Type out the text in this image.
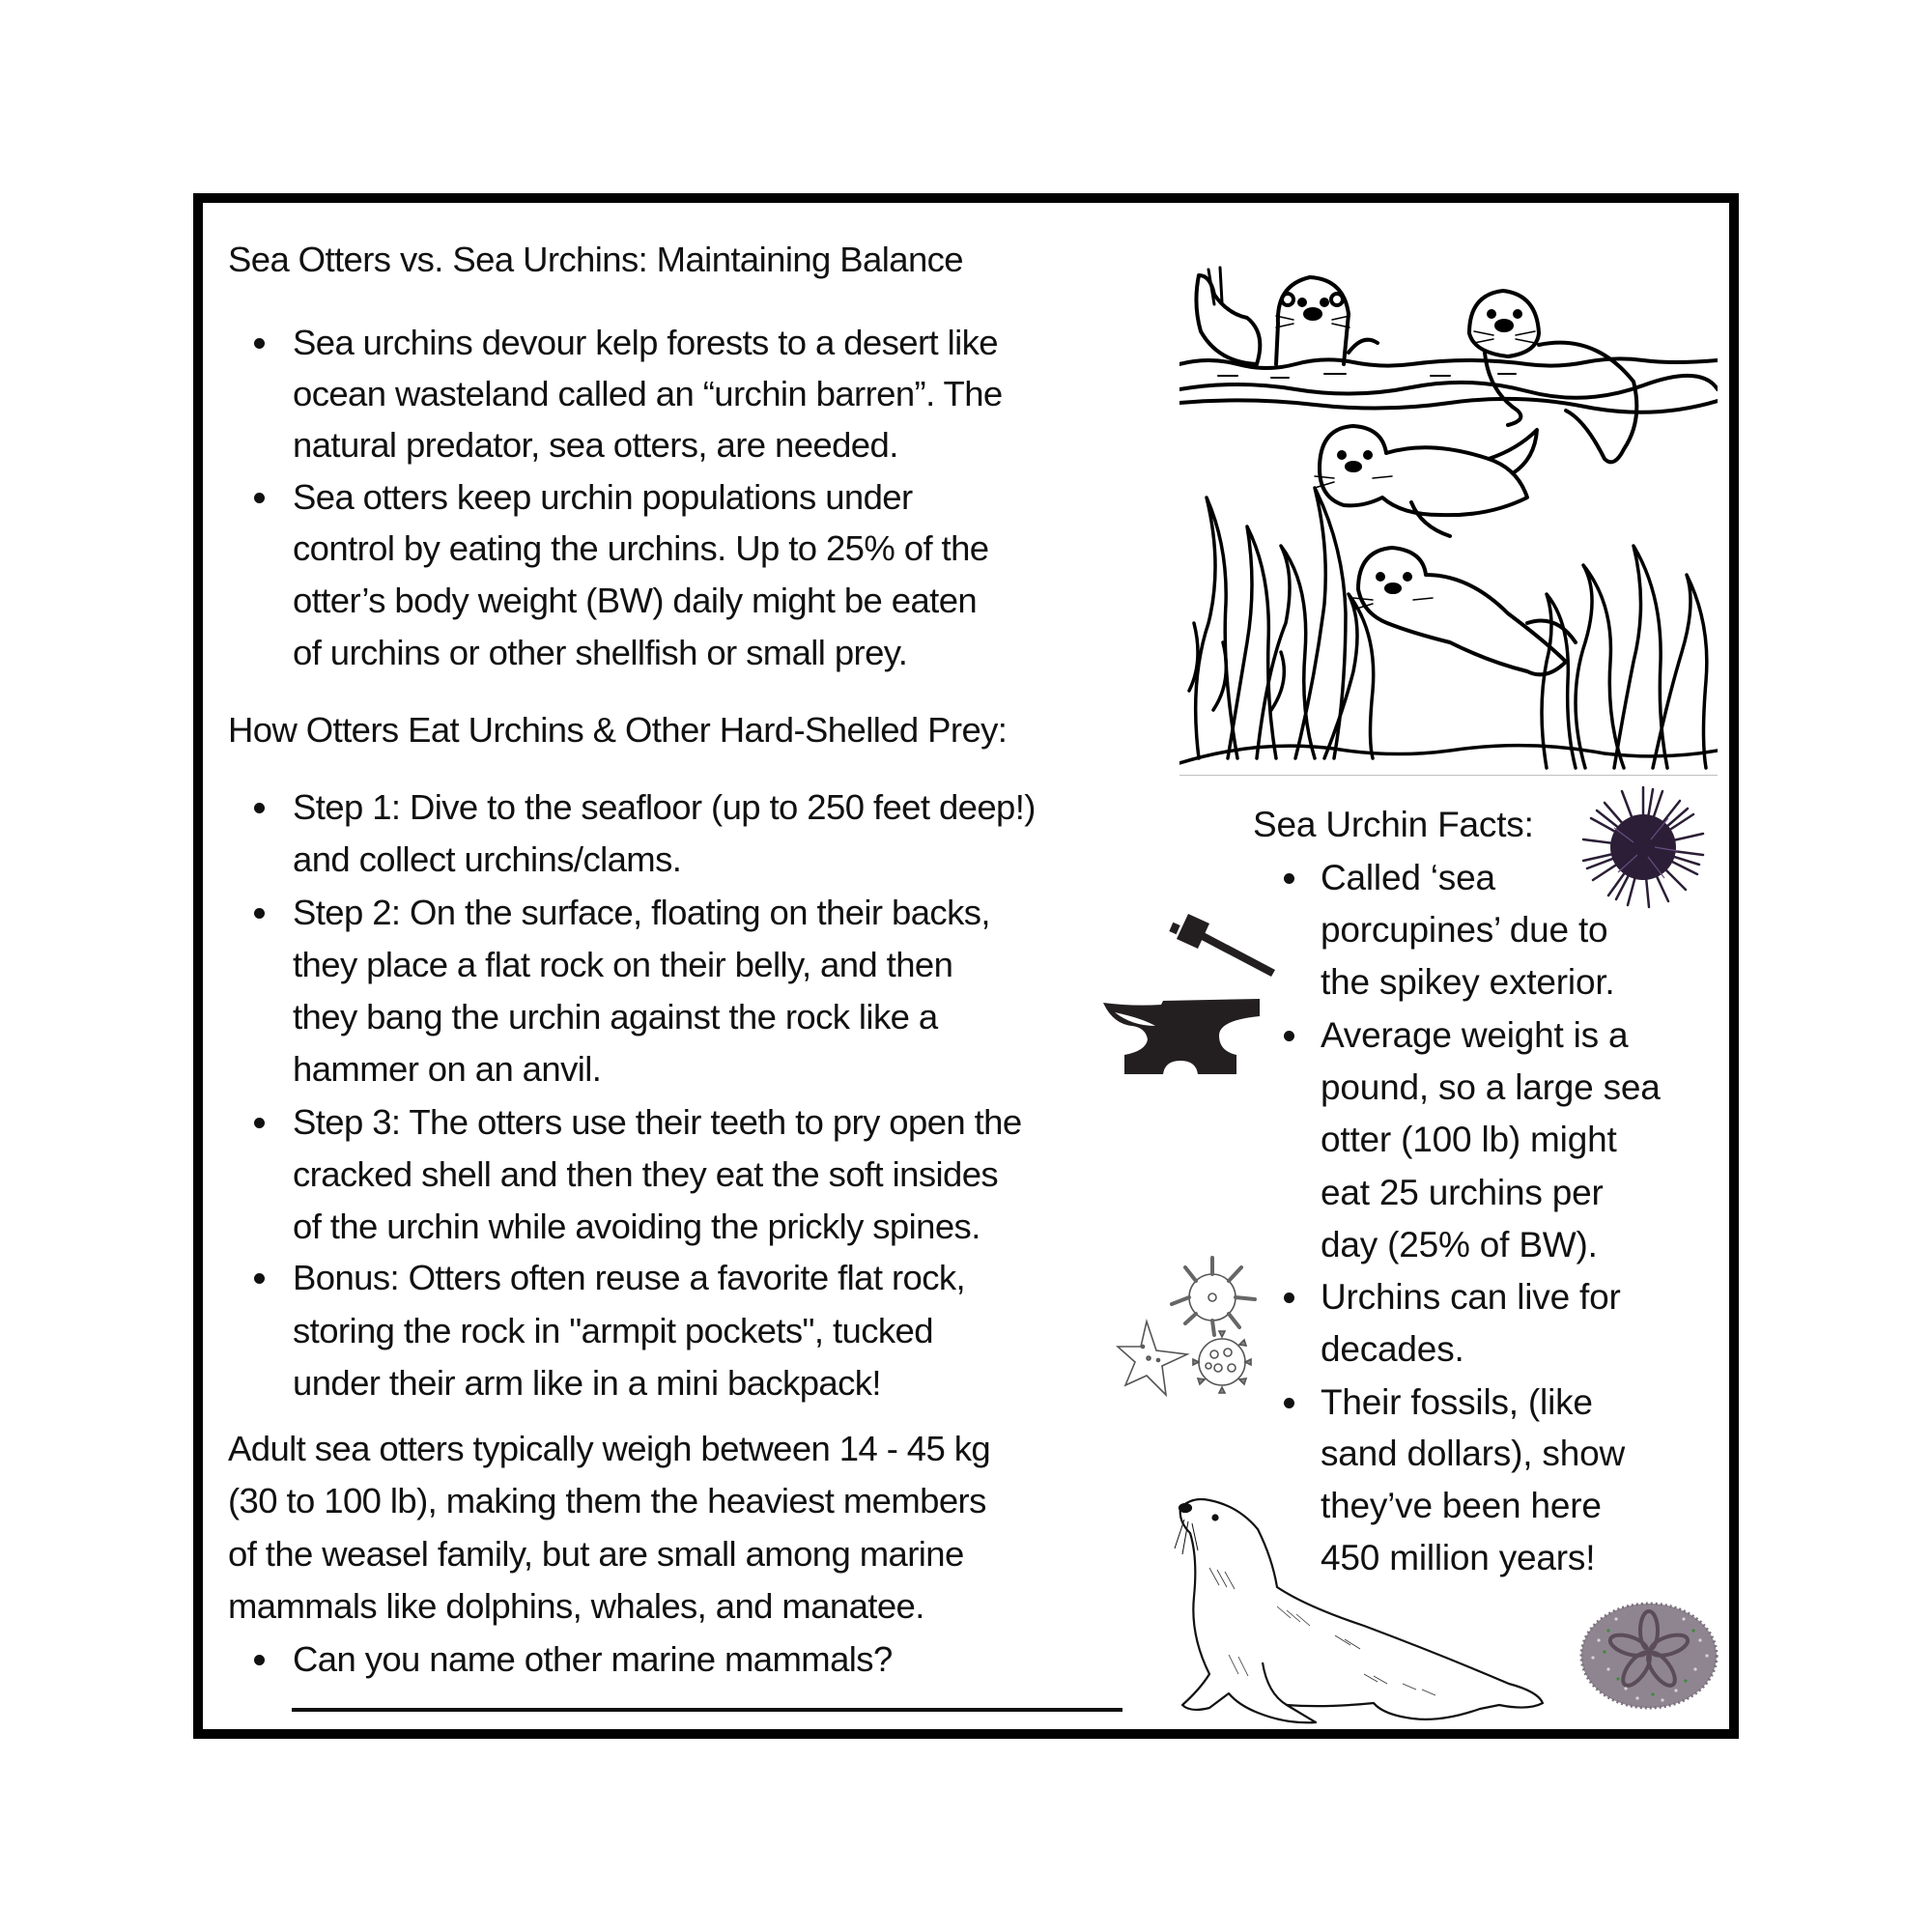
Sea Otters vs. Sea Urchins: Maintaining Balance
Sea urchins devour kelp forests to a desert like
ocean wasteland called an “urchin barren”. The
natural predator, sea otters, are needed.
Sea otters keep urchin populations under
control by eating the urchins. Up to 25% of the
otter’s body weight (BW) daily might be eaten
of urchins or other shellfish or small prey.
How Otters Eat Urchins & Other Hard-Shelled Prey:
Step 1: Dive to the seafloor (up to 250 feet deep!)
and collect urchins/clams.
Step 2: On the surface, floating on their backs,
they place a flat rock on their belly, and then
they bang the urchin against the rock like a
hammer on an anvil.
Step 3: The otters use their teeth to pry open the
cracked shell and then they eat the soft insides
of the urchin while avoiding the prickly spines.
Bonus: Otters often reuse a favorite flat rock,
storing the rock in "armpit pockets", tucked
under their arm like in a mini backpack!
Adult sea otters typically weigh between 14 - 45 kg
(30 to 100 lb), making them the heaviest members
of the weasel family, but are small among marine
mammals like dolphins, whales, and manatee.
Can you name other marine mammals?
Sea Urchin Facts:
Called ‘sea
porcupines’ due to
the spikey exterior.
Average weight is a
pound, so a large sea
otter (100 lb) might
eat 25 urchins per
day (25% of BW).
Urchins can live for
decades.
Their fossils, (like
sand dollars), show
they’ve been here
450 million years!
